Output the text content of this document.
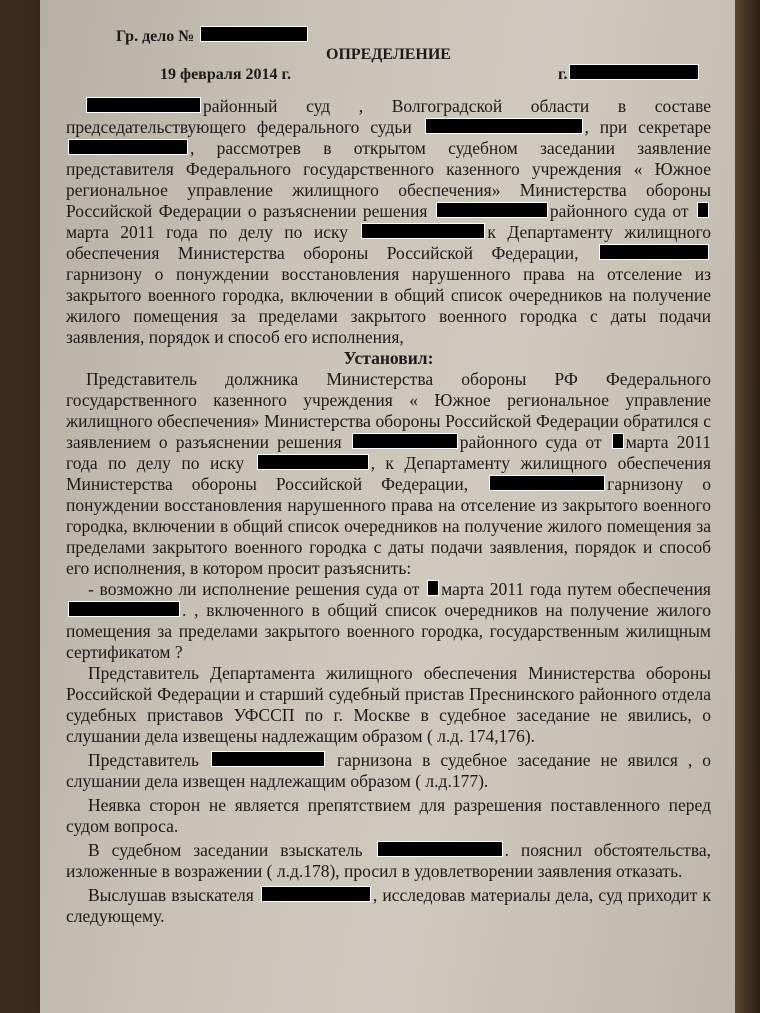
Гр. дело №
ОПРЕДЕЛЕНИЕ
19 февраля 2014 г.	г.

районный суд , Волгоградской области в составе председательствующего федерального судьи	, при секретаре , рассмотрев в открытом судебном заседании заявление представителя Федерального государственного казенного учреждения « Южное региональное управление жилищного обеспечения» Министерства обороны Российской Федерации о разъяснении решения	районного суда от марта 2011 года по делу по иску	к Департаменту жилищного обеспечения Министерства обороны Российской Федерации, гарнизону о понуждении восстановления нарушенного права на отселение из закрытого военного городка, включении в общий список очередников на получение жилого помещения за пределами закрытого военного городка с даты подачи заявления, порядок и способ его исполнения,

Установил:

Представитель должника Министерства обороны РФ Федерального государственного казенного учреждения « Южное региональное управление жилищного обеспечения» Министерства обороны Российской Федерации обратился с заявлением о разъяснении решения	районного суда от марта 2011 года по делу по иску	, к Департаменту жилищного обеспечения Министерства обороны Российской Федерации,	гарнизону о понуждении восстановления нарушенного права на отселение из закрытого военного городка, включении в общий список очередников на получение жилого помещения за пределами закрытого военного городка с даты подачи заявления, порядок и способ его исполнения, в котором просит разъяснить:

- возможно ли исполнение решения суда от марта 2011 года путем обеспечения . , включенного в общий список очередников на получение жилого помещения за пределами закрытого военного городка, государственным жилищным сертификатом ?

Представитель Департамента жилищного обеспечения Министерства обороны Российской Федерации и старший судебный пристав Преснинского районного отдела судебных приставов УФССП по г. Москве в судебное заседание не явились, о слушании дела извещены надлежащим образом ( л.д. 174,176).

Представитель	гарнизона в судебное заседание не явился , о слушании дела извещен надлежащим образом ( л.д.177).

Неявка сторон не является препятствием для разрешения поставленного перед судом вопроса.

В судебном заседании взыскатель	. пояснил обстоятельства, изложенные в возражении ( л.д.178), просил в удовлетворении заявления отказать.

Выслушав взыскателя	, исследовав материалы дела, суд приходит к следующему.
